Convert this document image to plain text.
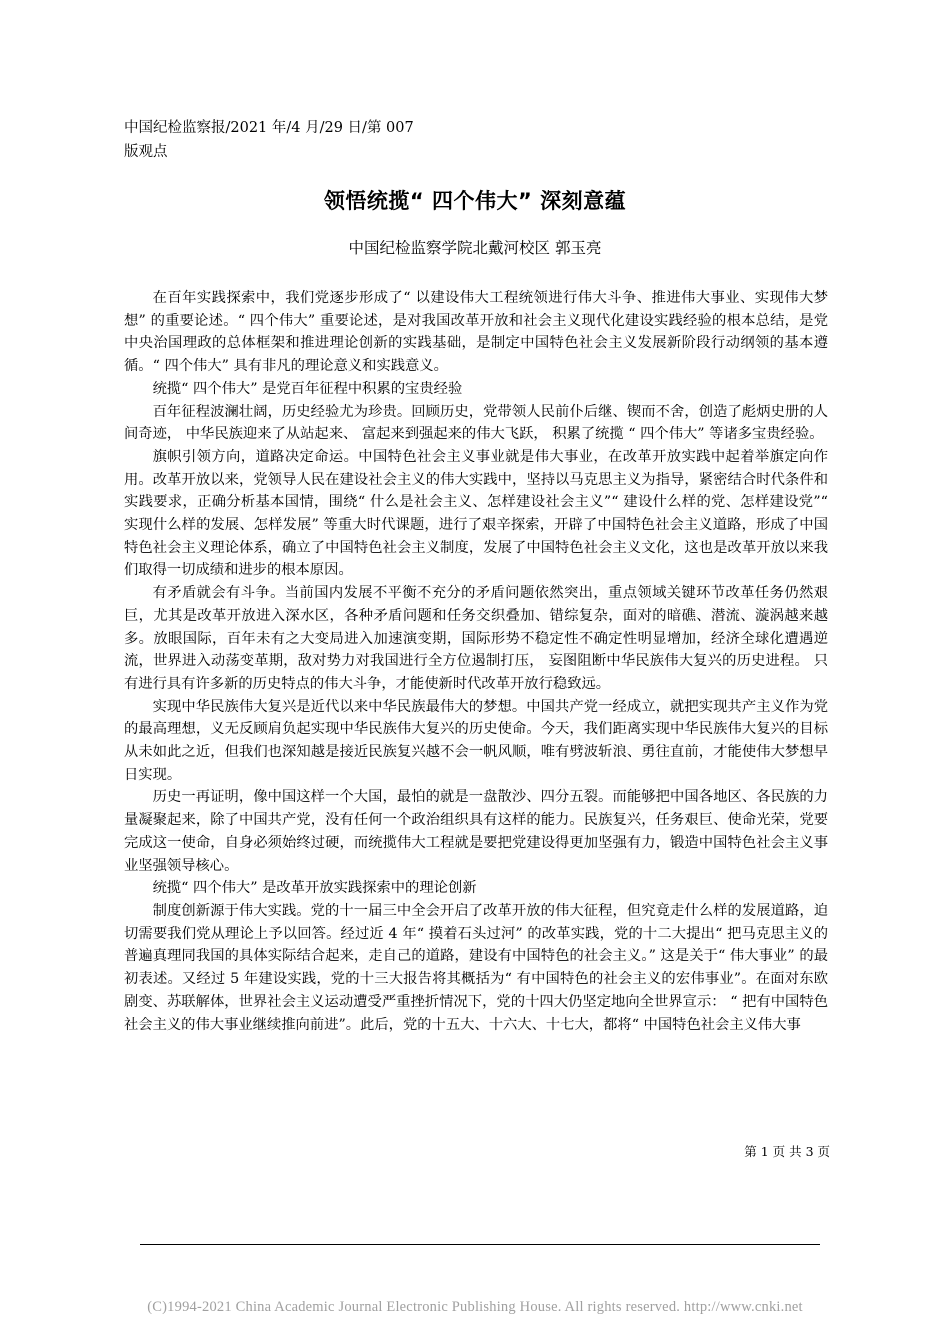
中国纪检监察报/2021 年/4 月/29 日/第 007
版观点
领悟统揽“ 四个伟大” 深刻意蕴
中国纪检监察学院北戴河校区 郭玉亮

在百年实践探索中，我们党逐步形成了“ 以建设伟大工程统领进行伟大斗争、推进伟大事业、实现伟大梦想” 的重要论述。“ 四个伟大” 重要论述，是对我国改革开放和社会主义现代化建设实践经验的根本总结，是党中央治国理政的总体框架和推进理论创新的实践基础，是制定中国特色社会主义发展新阶段行动纲领的基本遵循。“ 四个伟大” 具有非凡的理论意义和实践意义。

统揽“ 四个伟大” 是党百年征程中积累的宝贵经验

百年征程波澜壮阔，历史经验尤为珍贵。回顾历史，党带领人民前仆后继、锲而不舍，创造了彪炳史册的人间奇迹， 中华民族迎来了从站起来、 富起来到强起来的伟大飞跃， 积累了统揽 “ 四个伟大” 等诸多宝贵经验。

旗帜引领方向，道路决定命运。中国特色社会主义事业就是伟大事业，在改革开放实践中起着举旗定向作用。改革开放以来，党领导人民在建设社会主义的伟大实践中，坚持以马克思主义为指导，紧密结合时代条件和实践要求，正确分析基本国情，围绕“ 什么是社会主义、怎样建设社会主义”“ 建设什么样的党、怎样建设党”“ 实现什么样的发展、怎样发展” 等重大时代课题，进行了艰辛探索，开辟了中国特色社会主义道路，形成了中国特色社会主义理论体系，确立了中国特色社会主义制度，发展了中国特色社会主义文化，这也是改革开放以来我们取得一切成绩和进步的根本原因。

有矛盾就会有斗争。当前国内发展不平衡不充分的矛盾问题依然突出，重点领域关键环节改革任务仍然艰巨，尤其是改革开放进入深水区，各种矛盾问题和任务交织叠加、错综复杂，面对的暗礁、潜流、漩涡越来越多。放眼国际，百年未有之大变局进入加速演变期，国际形势不稳定性不确定性明显增加，经济全球化遭遇逆流，世界进入动荡变革期，敌对势力对我国进行全方位遏制打压， 妄图阻断中华民族伟大复兴的历史进程。 只有进行具有许多新的历史特点的伟大斗争，才能使新时代改革开放行稳致远。

实现中华民族伟大复兴是近代以来中华民族最伟大的梦想。中国共产党一经成立，就把实现共产主义作为党的最高理想，义无反顾肩负起实现中华民族伟大复兴的历史使命。今天，我们距离实现中华民族伟大复兴的目标从未如此之近，但我们也深知越是接近民族复兴越不会一帆风顺，唯有劈波斩浪、勇往直前，才能使伟大梦想早日实现。

历史一再证明，像中国这样一个大国，最怕的就是一盘散沙、四分五裂。而能够把中国各地区、各民族的力量凝聚起来，除了中国共产党，没有任何一个政治组织具有这样的能力。民族复兴，任务艰巨、使命光荣，党要完成这一使命，自身必须始终过硬，而统揽伟大工程就是要把党建设得更加坚强有力，锻造中国特色社会主义事业坚强领导核心。

统揽“ 四个伟大” 是改革开放实践探索中的理论创新

制度创新源于伟大实践。党的十一届三中全会开启了改革开放的伟大征程，但究竟走什么样的发展道路，迫切需要我们党从理论上予以回答。经过近 4 年“ 摸着石头过河” 的改革实践，党的十二大提出“ 把马克思主义的普遍真理同我国的具体实际结合起来，走自己的道路，建设有中国特色的社会主义。” 这是关于“ 伟大事业” 的最初表述。又经过 5 年建设实践，党的十三大报告将其概括为“ 有中国特色的社会主义的宏伟事业”。在面对东欧剧变、苏联解体，世界社会主义运动遭受严重挫折情况下，党的十四大仍坚定地向全世界宣示： “ 把有中国特色社会主义的伟大事业继续推向前进”。此后，党的十五大、十六大、十七大，都将“ 中国特色社会主义伟大事

第 1 页 共 3 页
(C)1994-2021 China Academic Journal Electronic Publishing House. All rights reserved. http://www.cnki.net
